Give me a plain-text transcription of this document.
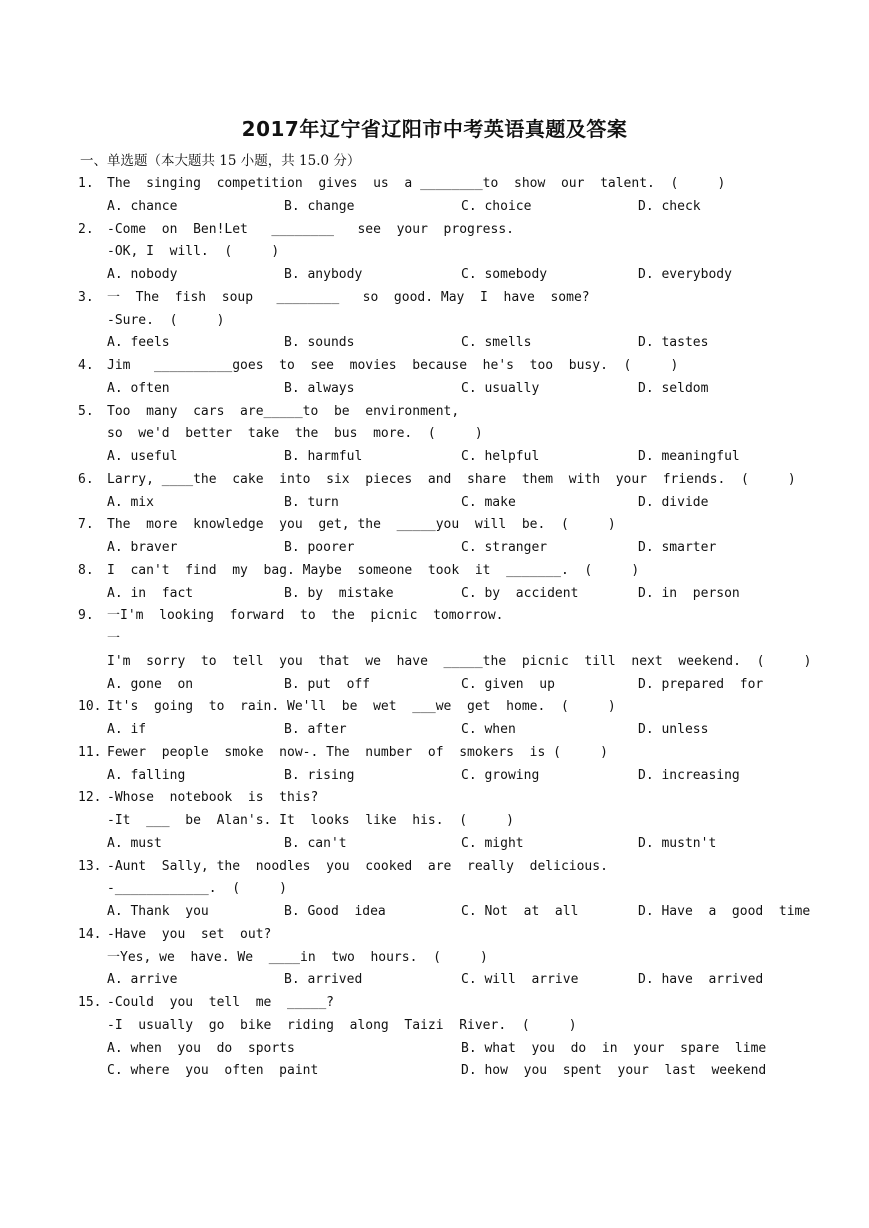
2017年辽宁省辽阳市中考英语真题及答案
一、单选题（本大题共 15 小题，共 15.0 分）
1. The  singing  competition  gives  us  a ________to  show  our  talent.  (     )
A. chance	B. change	C. choice	D. check
2. -Come  on  Ben!Let   ________   see  your  progress.
-OK, I  will.  (     )
A. nobody	B. anybody	C. somebody	D. everybody
3. 一  The  fish  soup   ________   so  good. May  I  have  some?
-Sure.  (     )
A. feels	B. sounds	C. smells	D. tastes
4. Jim   __________goes  to  see  movies  because  he's  too  busy.  (     )
A. often	B. always	C. usually	D. seldom
5. Too  many  cars  are_____to  be  environment,
so  we'd  better  take  the  bus  more.  (     )
A. useful	B. harmful	C. helpful	D. meaningful
6. Larry, ____the  cake  into  six  pieces  and  share  them  with  your  friends.  (     )
A. mix	B. turn	C. make	D. divide
7. The  more  knowledge  you  get, the  _____you  will  be.  (     )
A. braver	B. poorer	C. stranger	D. smarter
8. I  can't  find  my  bag. Maybe  someone  took  it  _______.  (     )
A. in  fact	B. by  mistake	C. by  accident	D. in  person
9. 一I'm  looking  forward  to  the  picnic  tomorrow.
一
I'm  sorry  to  tell  you  that  we  have  _____the  picnic  till  next  weekend.  (     )
A. gone  on	B. put  off	C. given  up	D. prepared  for
10. It's  going  to  rain. We'll  be  wet  ___we  get  home.  (     )
A. if	B. after	C. when	D. unless
11. Fewer  people  smoke  now-. The  number  of  smokers  is (     )
A. falling	B. rising	C. growing	D. increasing
12. -Whose  notebook  is  this?
-It  ___  be  Alan's. It  looks  like  his.  (     )
A. must	B. can't	C. might	D. mustn't
13. -Aunt  Sally, the  noodles  you  cooked  are  really  delicious.
-____________.  (     )
A. Thank  you	B. Good  idea	C. Not  at  all	D. Have  a  good  time
14. -Have  you  set  out?
一Yes, we  have. We  ____in  two  hours.  (     )
A. arrive	B. arrived	C. will  arrive	D. have  arrived
15. -Could  you  tell  me  _____?
-I  usually  go  bike  riding  along  Taizi  River.  (     )
A. when  you  do  sports	B. what  you  do  in  your  spare  lime
C. where  you  often  paint	D. how  you  spent  your  last  weekend
